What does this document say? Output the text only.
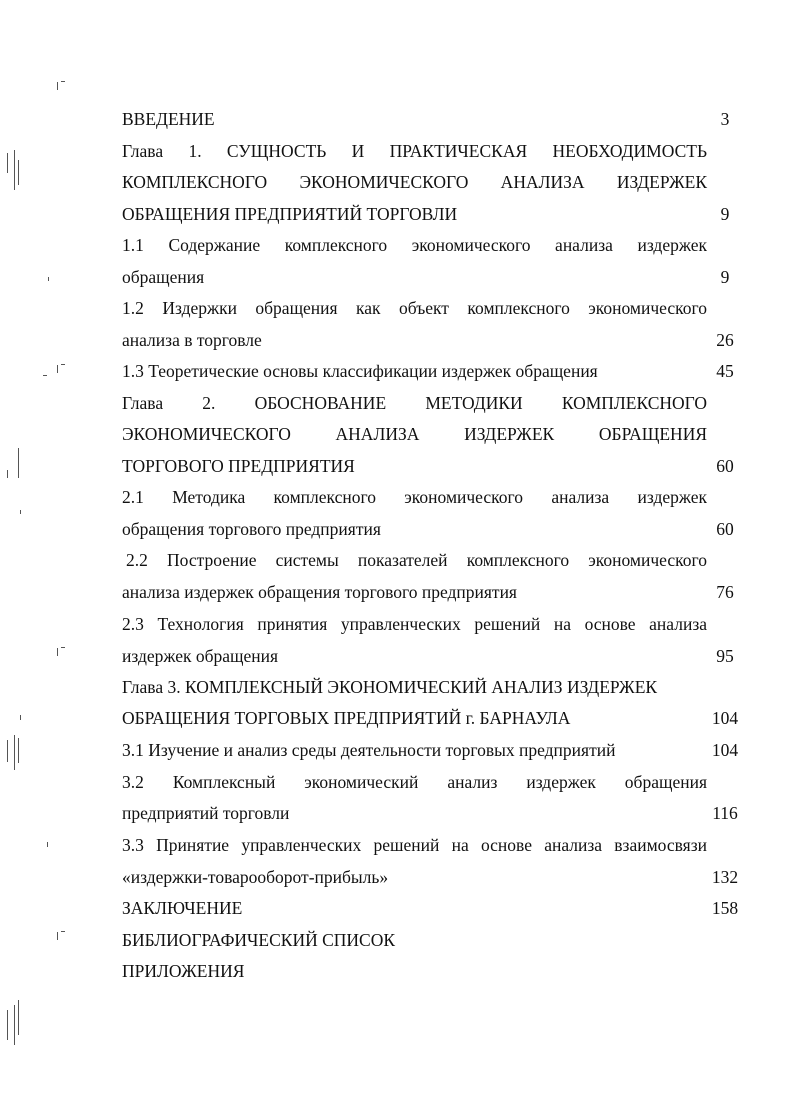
ВВЕДЕНИЕ	3
Глава 1. СУЩНОСТЬ И ПРАКТИЧЕСКАЯ НЕОБХОДИМОСТЬ
КОМПЛЕКСНОГО ЭКОНОМИЧЕСКОГО АНАЛИЗА ИЗДЕРЖЕК
ОБРАЩЕНИЯ ПРЕДПРИЯТИЙ ТОРГОВЛИ	9
1.1 Содержание комплексного экономического анализа издержек
обращения	9
1.2 Издержки обращения как объект комплексного экономического
анализа в торговле	26
1.3 Теоретические основы классификации издержек обращения	45
Глава 2. ОБОСНОВАНИЕ МЕТОДИКИ КОМПЛЕКСНОГО
ЭКОНОМИЧЕСКОГО АНАЛИЗА ИЗДЕРЖЕК ОБРАЩЕНИЯ
ТОРГОВОГО ПРЕДПРИЯТИЯ	60
2.1 Методика комплексного экономического анализа издержек
обращения торгового предприятия	60
2.2 Построение системы показателей комплексного экономического
анализа издержек обращения торгового предприятия	76
2.3 Технология принятия управленческих решений на основе анализа
издержек обращения	95
Глава 3. КОМПЛЕКСНЫЙ ЭКОНОМИЧЕСКИЙ АНАЛИЗ ИЗДЕРЖЕК
ОБРАЩЕНИЯ ТОРГОВЫХ ПРЕДПРИЯТИЙ г. БАРНАУЛА	104
3.1 Изучение и анализ среды деятельности торговых предприятий	104
3.2 Комплексный экономический анализ издержек обращения
предприятий торговли	116
3.3 Принятие управленческих решений на основе анализа взаимосвязи
«издержки-товарооборот-прибыль»	132
ЗАКЛЮЧЕНИЕ	158
БИБЛИОГРАФИЧЕСКИЙ СПИСОК
ПРИЛОЖЕНИЯ
